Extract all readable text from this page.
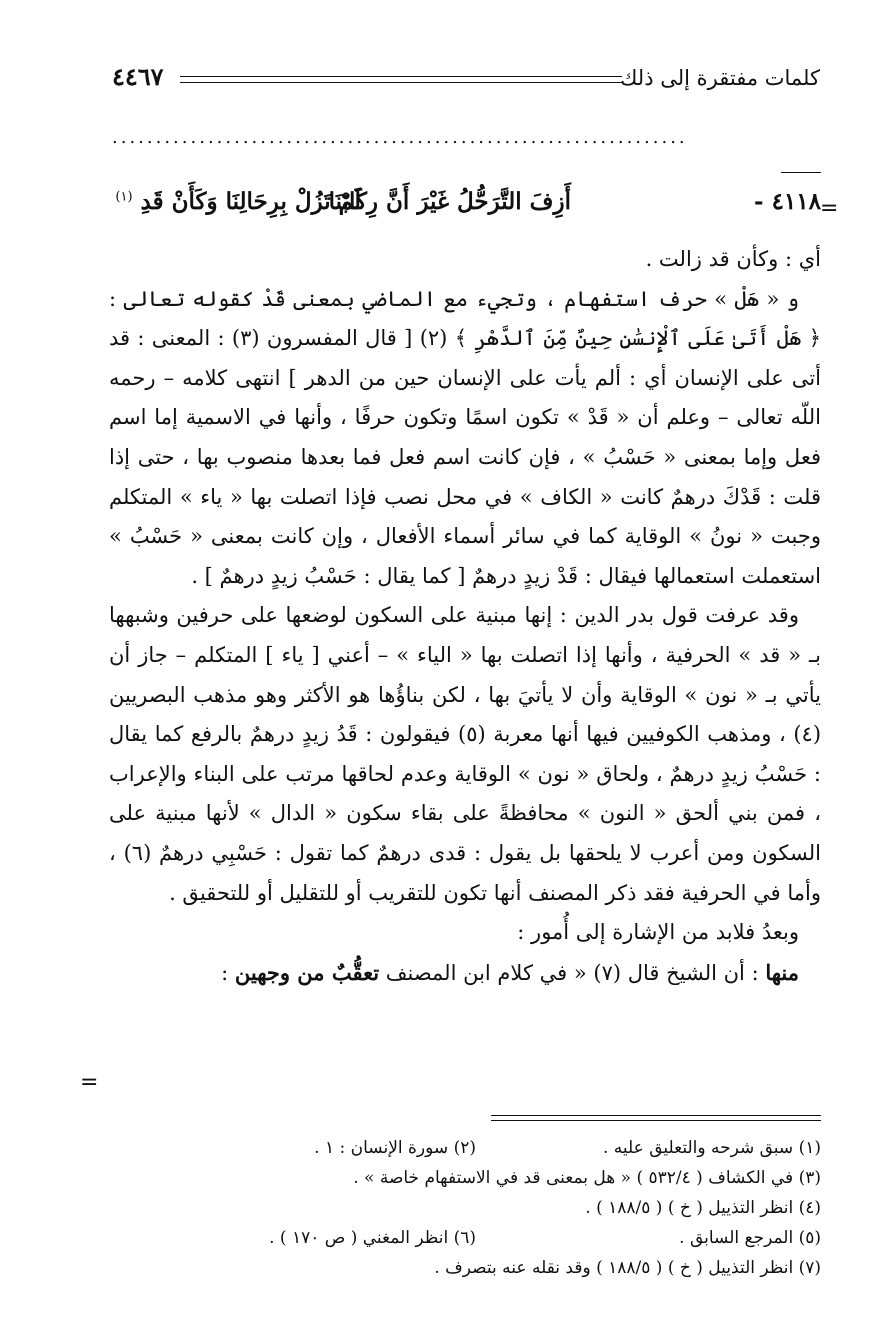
كلمات مفتقرة إلى ذلك
٤٤٦٧
..................................................................
=
٤١١٨ -
أَزِفَ التَّرَحُّلُ غَيْرَ أَنَّ رِكَابَنَا
لَمْ تَزُلْ بِرِحَالِنَا وَكَأَنْ قَدِ $^{(١)}$

أي : وكأن قد زالت .

و « هَلْ » حرف استفهام ، وتجيء مع الماضي بمعنى قَدْ كقوله تعالى : ﴿ هَلْ أَتَىٰ عَلَى ٱلْإِنسَٰنِ حِينٌ مِّنَ ٱلدَّهْرِ ﴾ (٢) [ قال المفسرون (٣) : المعنى : قد أتى على الإنسان أي : ألم يأت على الإنسان حين من الدهر ] انتهى كلامه – رحمه اللّه تعالى – وعلم أن « قَدْ » تكون اسمًا وتكون حرفًا ، وأنها في الاسمية إما اسم فعل وإما بمعنى « حَسْبُ » ، فإن كانت اسم فعل فما بعدها منصوب بها ، حتى إذا قلت : قَدْكَ درهمٌ كانت « الكاف » في محل نصب فإذا اتصلت بها « ياء » المتكلم وجبت « نونُ » الوقاية كما في سائر أسماء الأفعال ، وإن كانت بمعنى « حَسْبُ » استعملت استعمالها فيقال : قَدْ زيدٍ درهمٌ [ كما يقال : حَسْبُ زيدٍ درهمٌ ] .

وقد عرفت قول بدر الدين : إنها مبنية على السكون لوضعها على حرفين وشبهها بـ « قد » الحرفية ، وأنها إذا اتصلت بها « الياء » – أعني [ ياء ] المتكلم – جاز أن يأتي بـ « نون » الوقاية وأن لا يأتيَ بها ، لكن بناؤُها هو الأكثر وهو مذهب البصريين (٤) ، ومذهب الكوفيين فيها أنها معربة (٥) فيقولون : قَدُ زيدٍ درهمٌ بالرفع كما يقال : حَسْبُ زيدٍ درهمٌ ، ولحاق « نون » الوقاية وعدم لحاقها مرتب على البناء والإعراب ، فمن بني ألحق « النون » محافظةً على بقاء سكون « الدال » لأنها مبنية على السكون ومن أعرب لا يلحقها بل يقول : قدى درهمٌ كما تقول : حَسْبِي درهمٌ (٦) ، وأما في الحرفية فقد ذكر المصنف أنها تكون للتقريب أو للتقليل أو للتحقيق .

وبعدُ فلابد من الإشارة إلى أُمور :

منها : أن الشيخ قال (٧) « في كلام ابن المصنف تعقُّبٌ من وجهين :

=
(١) سبق شرحه والتعليق عليه .
(٢) سورة الإنسان : ١ .
(٣) في الكشاف ( ٥٣٢/٤ ) « هل بمعنى قد في الاستفهام خاصة » .
(٤) انظر التذييل ( خ ) ( ١٨٨/٥ ) .
(٥) المرجع السابق .
(٦) انظر المغني ( ص ١٧٠ ) .
(٧) انظر التذييل ( خ ) ( ١٨٨/٥ ) وقد نقله عنه بتصرف .
